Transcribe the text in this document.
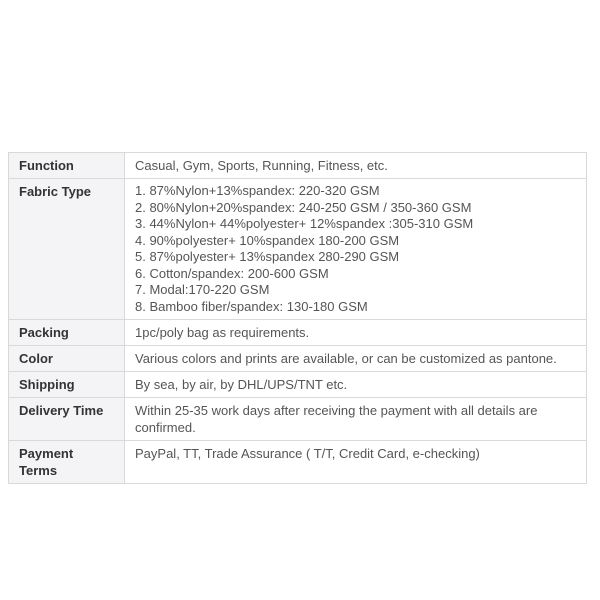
Function	Casual, Gym, Sports, Running, Fitness, etc.
Fabric Type	1. 87%Nylon+13%spandex: 220-320 GSM
2. 80%Nylon+20%spandex: 240-250 GSM / 350-360 GSM
3. 44%Nylon+ 44%polyester+ 12%spandex :305-310 GSM
4. 90%polyester+ 10%spandex 180-200 GSM
5. 87%polyester+ 13%spandex 280-290 GSM
6. Cotton/spandex: 200-600 GSM
7. Modal:170-220 GSM
8. Bamboo fiber/spandex: 130-180 GSM

Packing	1pc/poly bag as requirements.
Color	Various colors and prints are available, or can be customized as pantone.
Shipping	By sea, by air, by DHL/UPS/TNT etc.
Delivery Time	Within 25-35 work days after receiving the payment with all details are confirmed.
Payment Terms	PayPal, TT, Trade Assurance ( T/T, Credit Card, e-checking)
